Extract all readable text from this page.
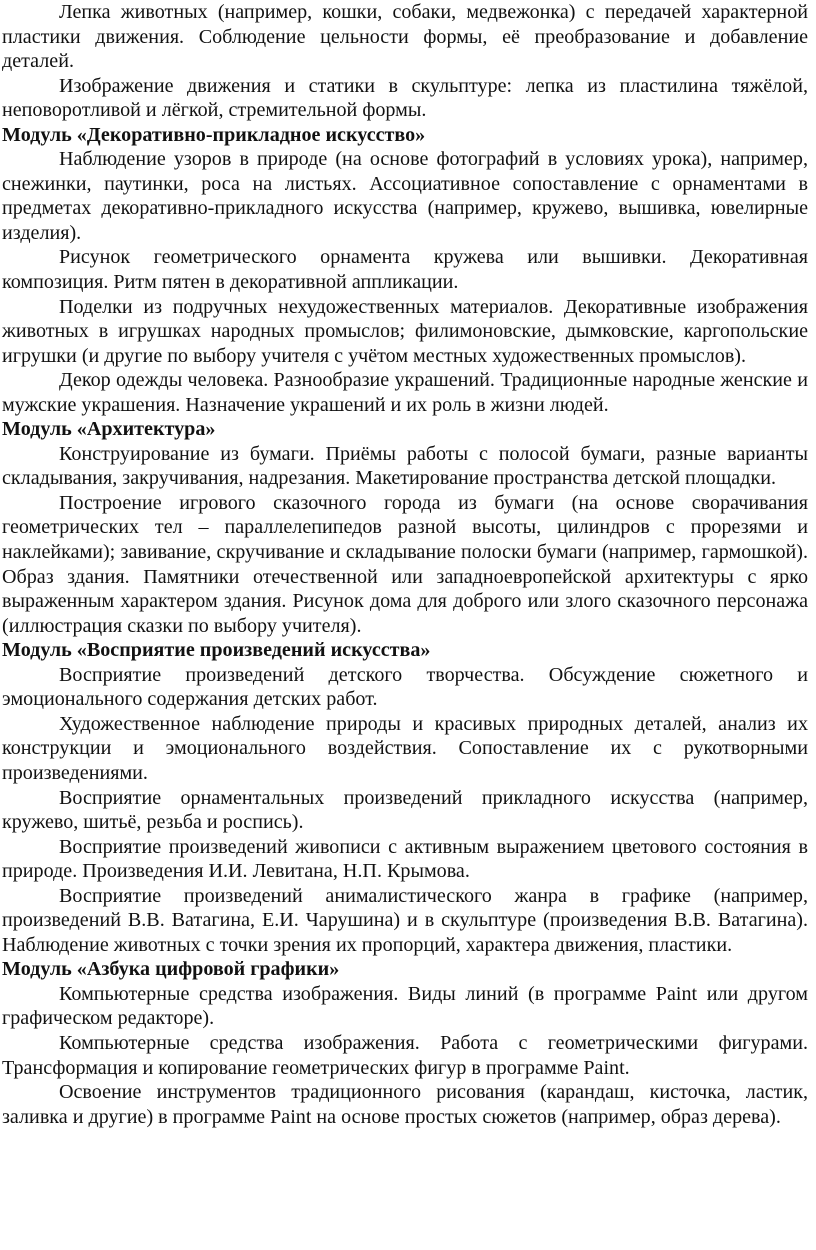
Лепка животных (например, кошки, собаки, медвежонка) с передачей характерной пластики движения. Соблюдение цельности формы, её преобразование и добавление деталей.

Изображение движения и статики в скульптуре: лепка из пластилина тяжёлой, неповоротливой и лёгкой, стремительной формы.

Модуль «Декоративно-прикладное искусство»

Наблюдение узоров в природе (на основе фотографий в условиях урока), например, снежинки, паутинки, роса на листьях. Ассоциативное сопоставление с орнаментами в предметах декоративно-прикладного искусства (например, кружево, вышивка, ювелирные изделия).

Рисунок геометрического орнамента кружева или вышивки. Декоративная композиция. Ритм пятен в декоративной аппликации.

Поделки из подручных нехудожественных материалов. Декоративные изображения животных в игрушках народных промыслов; филимоновские, дымковские, каргопольские игрушки (и другие по выбору учителя с учётом местных художественных промыслов).

Декор одежды человека. Разнообразие украшений. Традиционные народные женские и мужские украшения. Назначение украшений и их роль в жизни людей.

Модуль «Архитектура»

Конструирование из бумаги. Приёмы работы с полосой бумаги, разные варианты складывания, закручивания, надрезания. Макетирование пространства детской площадки.

Построение игрового сказочного города из бумаги (на основе сворачивания геометрических тел – параллелепипедов разной высоты, цилиндров с прорезями и наклейками); завивание, скручивание и складывание полоски бумаги (например, гармошкой). Образ здания. Памятники отечественной или западноевропейской архитектуры с ярко выраженным характером здания. Рисунок дома для доброго или злого сказочного персонажа (иллюстрация сказки по выбору учителя).

Модуль «Восприятие произведений искусства»

Восприятие произведений детского творчества. Обсуждение сюжетного и эмоционального содержания детских работ.

Художественное наблюдение природы и красивых природных деталей, анализ их конструкции и эмоционального воздействия. Сопоставление их с рукотворными произведениями.

Восприятие орнаментальных произведений прикладного искусства (например, кружево, шитьё, резьба и роспись).

Восприятие произведений живописи с активным выражением цветового состояния в природе. Произведения И.И. Левитана, Н.П. Крымова.

Восприятие произведений анималистического жанра в графике (например, произведений В.В. Ватагина, Е.И. Чарушина) и в скульптуре (произведения В.В. Ватагина). Наблюдение животных с точки зрения их пропорций, характера движения, пластики.

Модуль «Азбука цифровой графики»

Компьютерные средства изображения. Виды линий (в программе Paint или другом графическом редакторе).

Компьютерные средства изображения. Работа с геометрическими фигурами. Трансформация и копирование геометрических фигур в программе Paint.

Освоение инструментов традиционного рисования (карандаш, кисточка, ластик, заливка и другие) в программе Paint на основе простых сюжетов (например, образ дерева).
